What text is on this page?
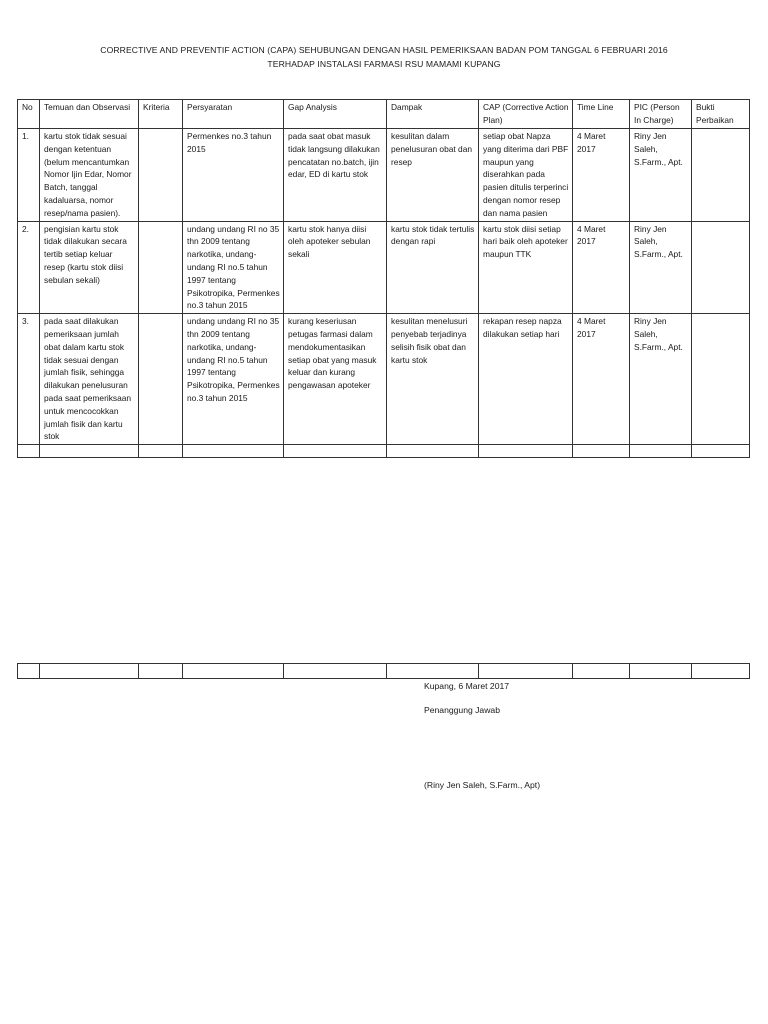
CORRECTIVE AND PREVENTIF ACTION (CAPA) SEHUBUNGAN DENGAN HASIL PEMERIKSAAN BADAN POM TANGGAL 6 FEBRUARI 2016
TERHADAP INSTALASI FARMASI RSU MAMAMI KUPANG
No	Temuan dan Observasi	Kriteria	Persyaratan	Gap Analysis	Dampak	CAP (Corrective Action Plan)	Time Line	PIC (Person In Charge)	Bukti Perbaikan
1.	kartu stok tidak sesuai dengan ketentuan (belum mencantumkan Nomor Ijin Edar, Nomor Batch, tanggal kadaluarsa, nomor resep/nama pasien).		Permenkes no.3 tahun 2015	pada saat obat masuk tidak langsung dilakukan pencatatan no.batch, ijin edar, ED di kartu stok	kesulitan dalam penelusuran obat dan resep	setiap obat Napza yang diterima dari PBF maupun yang diserahkan pada pasien ditulis terperinci dengan nomor resep dan nama pasien	4 Maret 2017	Riny Jen Saleh, S.Farm., Apt.	
2.	pengisian kartu stok tidak dilakukan secara tertib setiap keluar resep (kartu stok diisi sebulan sekali)		undang undang RI no 35 thn 2009 tentang narkotika, undang-undang RI no.5 tahun 1997 tentang Psikotropika, Permenkes no.3 tahun 2015	kartu stok hanya diisi oleh apoteker sebulan sekali	kartu stok tidak tertulis dengan rapi	kartu stok diisi setiap hari baik oleh apoteker maupun TTK	4 Maret 2017	Riny Jen Saleh, S.Farm., Apt.	
3.	pada saat dilakukan pemeriksaan jumlah obat dalam kartu stok tidak sesuai dengan jumlah fisik, sehingga dilakukan penelusuran pada saat pemeriksaan untuk mencocokkan jumlah fisik dan kartu stok		undang undang RI no 35 thn 2009 tentang narkotika, undang-undang RI no.5 tahun 1997 tentang Psikotropika, Permenkes no.3 tahun 2015	kurang keseriusan petugas farmasi dalam mendokumentasikan setiap obat yang masuk keluar dan kurang pengawasan apoteker	kesulitan menelusuri penyebab terjadinya selisih fisik obat dan kartu stok	rekapan resep napza dilakukan setiap hari	4 Maret 2017	Riny Jen Saleh, S.Farm., Apt.	

Kupang, 6 Maret 2017
Penanggung Jawab
(Riny Jen Saleh, S.Farm., Apt)
